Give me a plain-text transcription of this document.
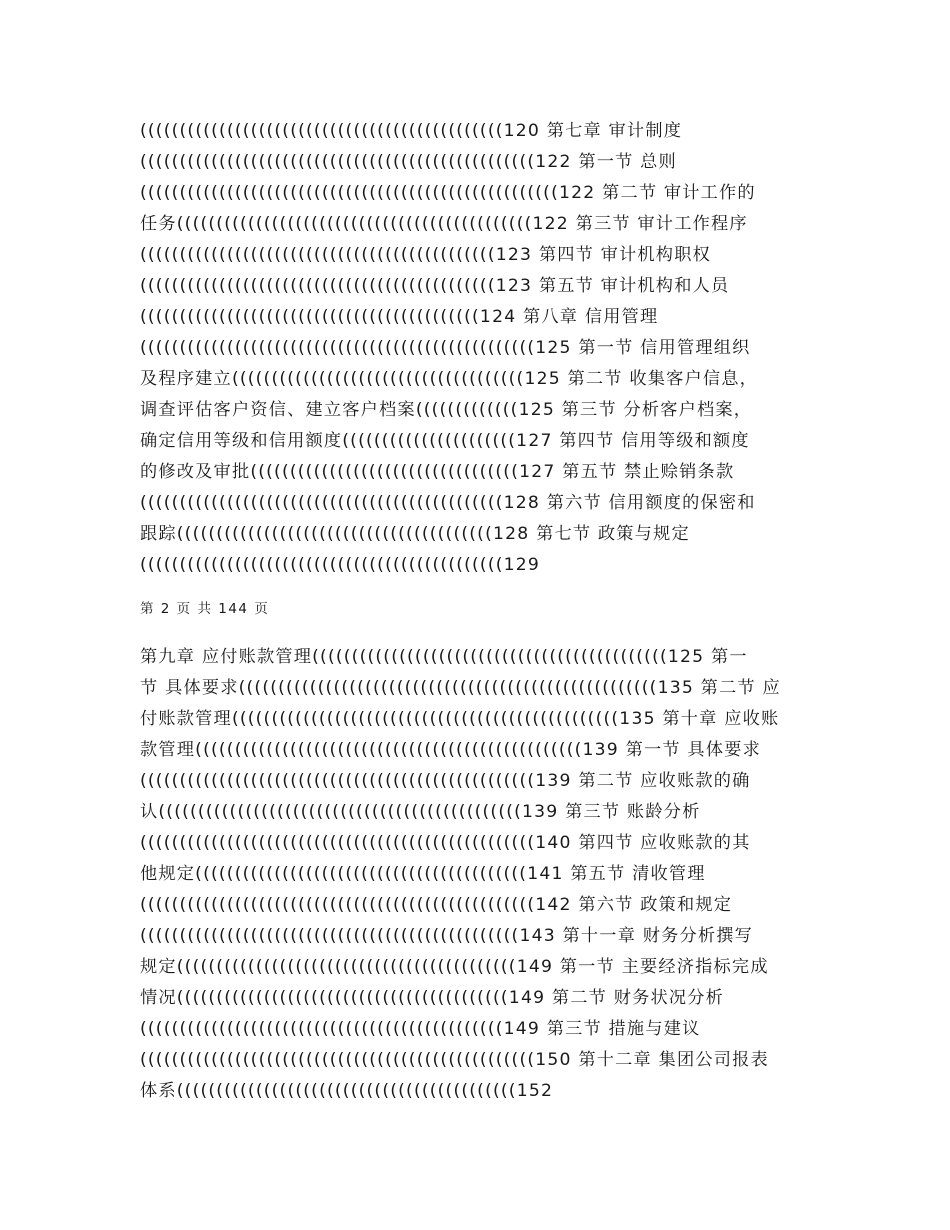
((((((((((((((((((((((((((((((((((((((((((((((120 第七章 审计制度
((((((((((((((((((((((((((((((((((((((((((((((((((122 第一节 总则
(((((((((((((((((((((((((((((((((((((((((((((((((((((122 第二节 审计工作的
任务(((((((((((((((((((((((((((((((((((((((((((((122 第三节 审计工作程序
(((((((((((((((((((((((((((((((((((((((((((((123 第四节 审计机构职权
(((((((((((((((((((((((((((((((((((((((((((((123 第五节 审计机构和人员
(((((((((((((((((((((((((((((((((((((((((((124 第八章 信用管理
((((((((((((((((((((((((((((((((((((((((((((((((((125 第一节 信用管理组织
及程序建立(((((((((((((((((((((((((((((((((((((125 第二节 收集客户信息，
调查评估客户资信、建立客户档案(((((((((((((125 第三节 分析客户档案，
确定信用等级和信用额度((((((((((((((((((((((127 第四节 信用等级和额度
的修改及审批((((((((((((((((((((((((((((((((((127 第五节 禁止赊销条款
((((((((((((((((((((((((((((((((((((((((((((((128 第六节 信用额度的保密和
跟踪((((((((((((((((((((((((((((((((((((((((128 第七节 政策与规定
((((((((((((((((((((((((((((((((((((((((((((((129
第 2 页 共 144 页
第九章 应付账款管理(((((((((((((((((((((((((((((((((((((((((((((125 第一
节 具体要求(((((((((((((((((((((((((((((((((((((((((((((((((((((135 第二节 应
付账款管理(((((((((((((((((((((((((((((((((((((((((((((((((135 第十章 应收账
款管理(((((((((((((((((((((((((((((((((((((((((((((((((139 第一节 具体要求
((((((((((((((((((((((((((((((((((((((((((((((((((139 第二节 应收账款的确
认((((((((((((((((((((((((((((((((((((((((((((((139 第三节 账龄分析
((((((((((((((((((((((((((((((((((((((((((((((((((140 第四节 应收账款的其
他规定((((((((((((((((((((((((((((((((((((((((((141 第五节 清收管理
((((((((((((((((((((((((((((((((((((((((((((((((((142 第六节 政策和规定
((((((((((((((((((((((((((((((((((((((((((((((((143 第十一章 财务分析撰写
规定(((((((((((((((((((((((((((((((((((((((((((149 第一节 主要经济指标完成
情况((((((((((((((((((((((((((((((((((((((((((149 第二节 财务状况分析
((((((((((((((((((((((((((((((((((((((((((((((149 第三节 措施与建议
((((((((((((((((((((((((((((((((((((((((((((((((((150 第十二章 集团公司报表
体系(((((((((((((((((((((((((((((((((((((((((((152
